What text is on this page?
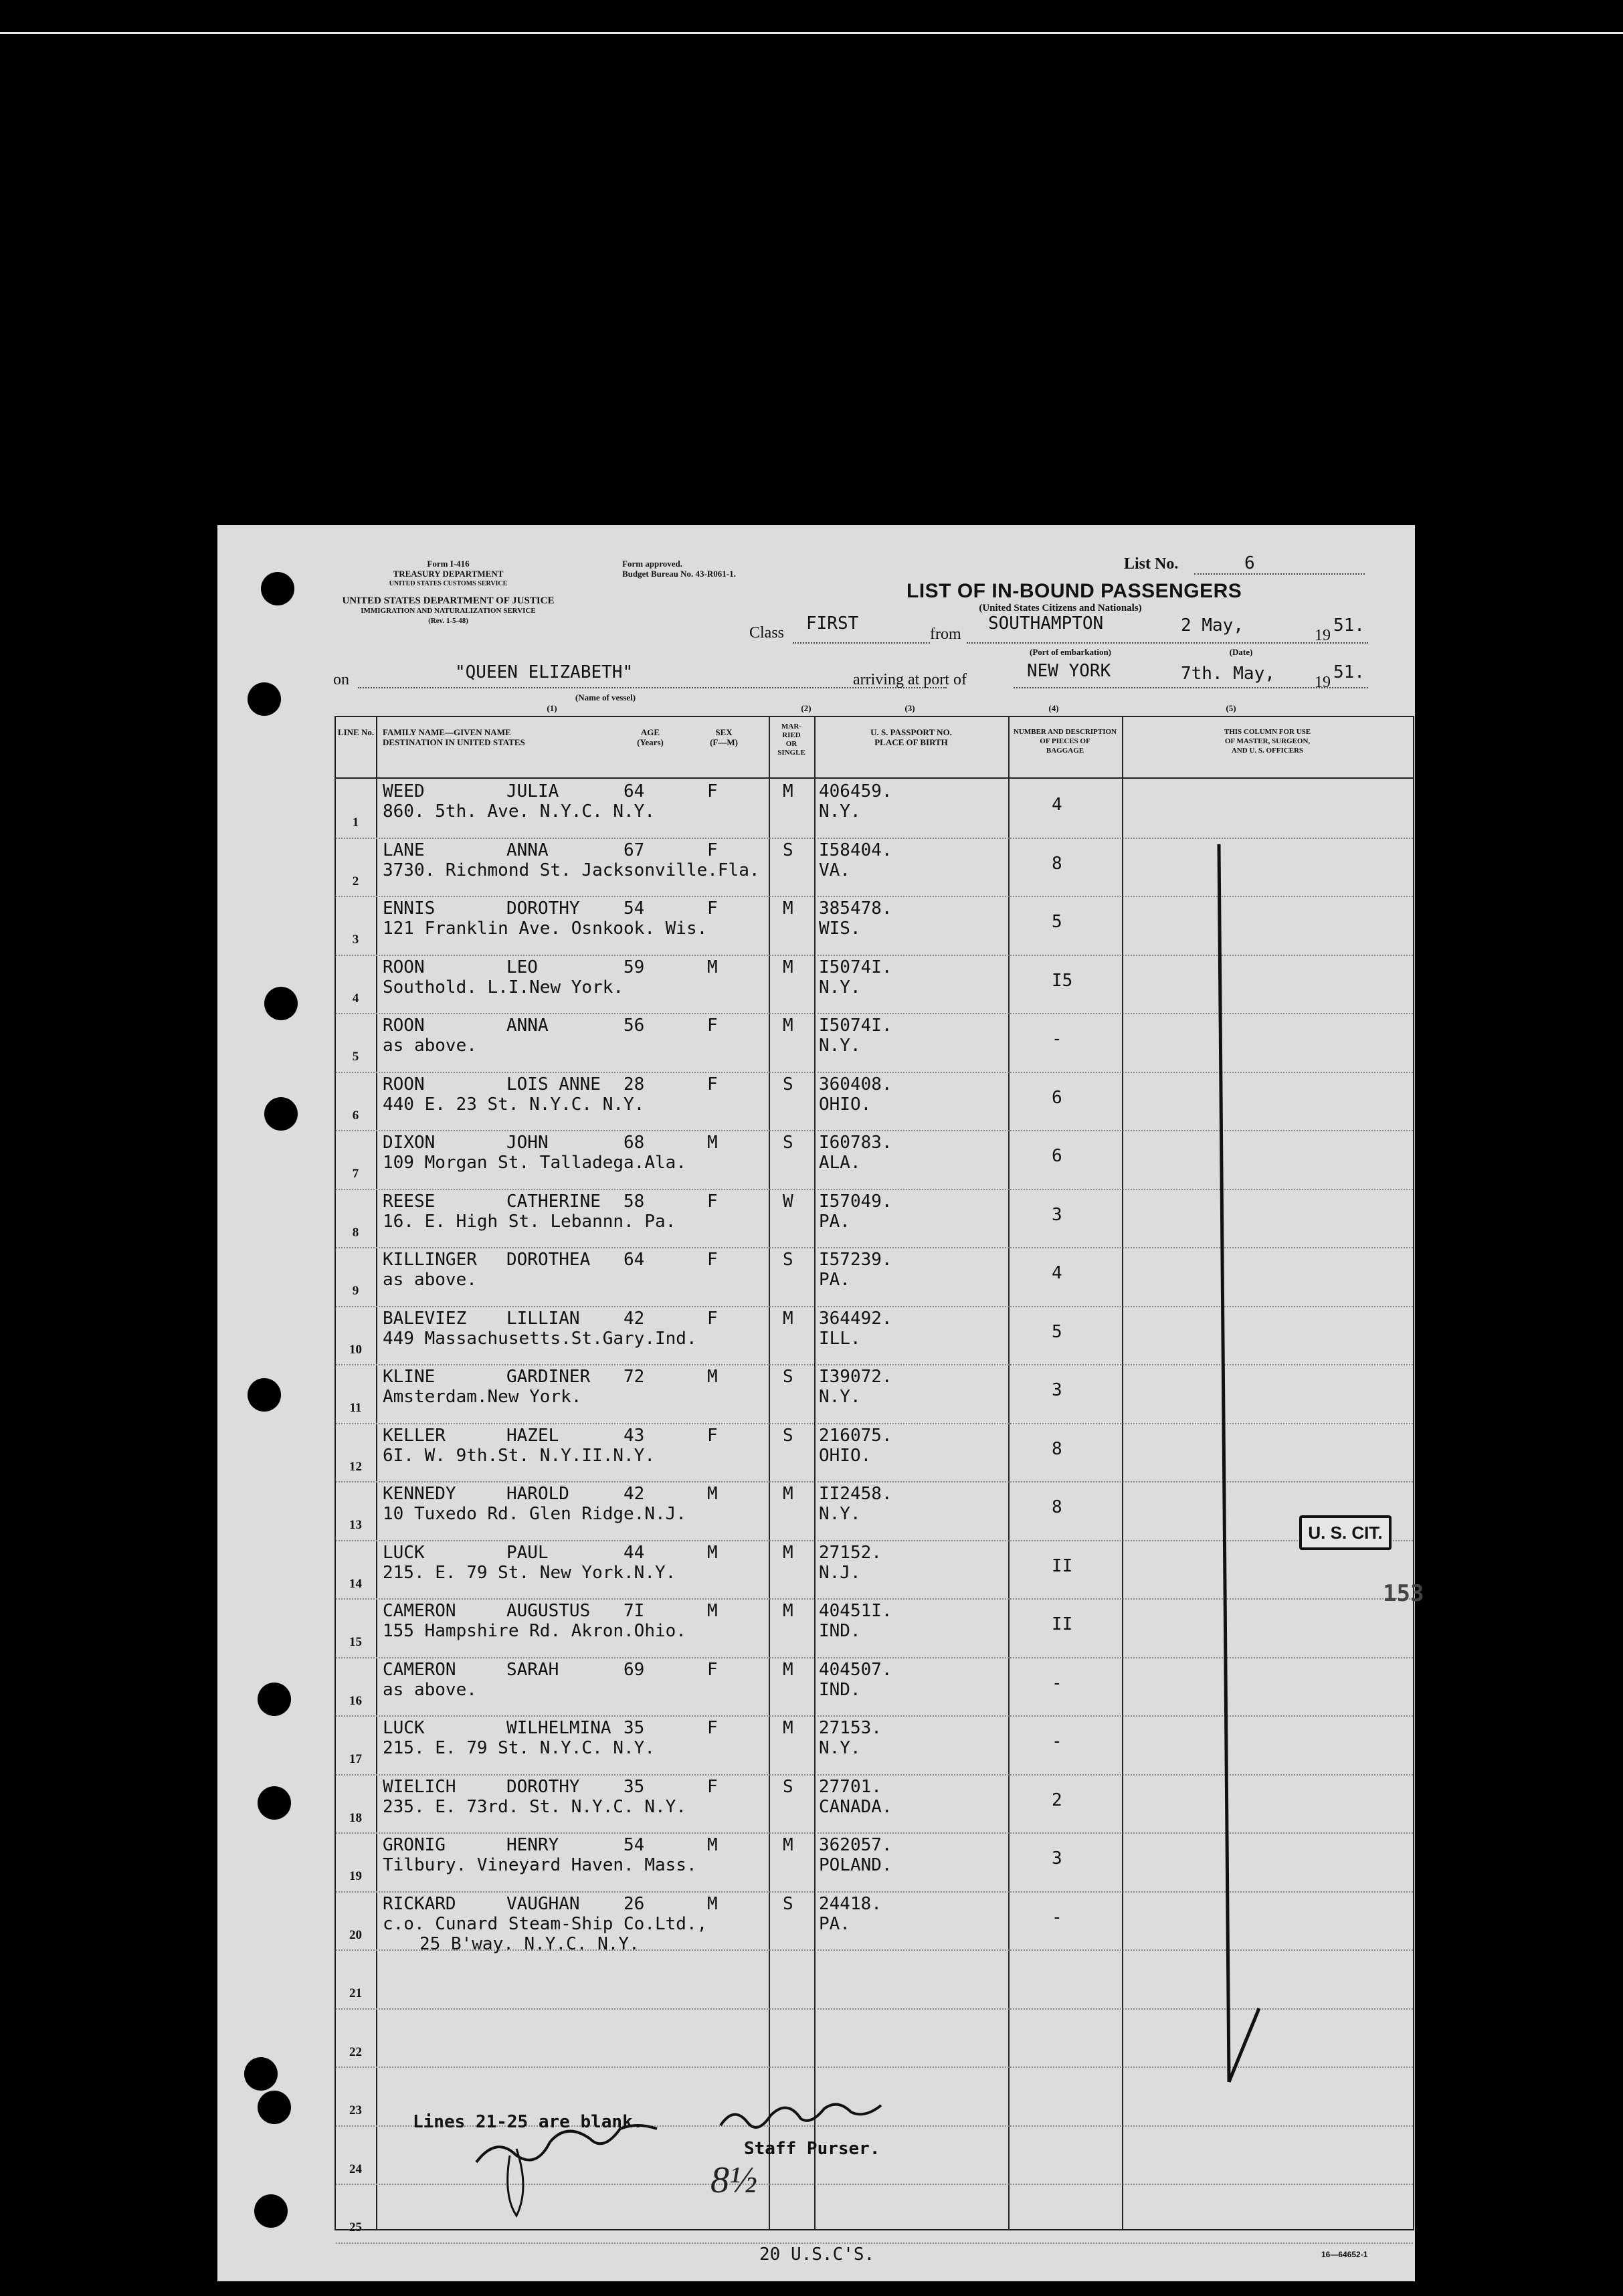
Form I-416
TREASURY DEPARTMENT
UNITED STATES CUSTOMS SERVICE
Form approved.
Budget Bureau No. 43-R061-1.
UNITED STATES DEPARTMENT OF JUSTICE
IMMIGRATION AND NATURALIZATION SERVICE
(Rev. 1-5-48)
List No.	6
LIST OF IN-BOUND PASSENGERS
(United States Citizens and Nationals)
Class FIRST
from
SOUTHAMPTON	2 May,	19 51.
(Port of embarkation)	(Date)
on	"QUEEN ELIZABETH"
(Name of vessel)
arriving at port of	NEW YORK	7th. May, 19 51.
(1)	(2)	(3)	(4)	(5)
LINE No. FAMILY NAME—GIVEN NAME
DESTINATION IN UNITED STATES
AGE
(Years)
SEX
(F—M)
MAR-
RIED
OR
SINGLE
U. S. PASSPORT NO.
PLACE OF BIRTH
NUMBER AND DESCRIPTION
OF PIECES OF
BAGGAGE
THIS COLUMN FOR USE
OF MASTER, SURGEON,
AND U. S. OFFICERS
1
WEED	JULIA	64	F	M
860. 5th. Ave. N.Y.C. N.Y.
406459.
N.Y.	4
2
LANE	ANNA	67	F	S
3730. Richmond St. Jacksonville.Fla.
I58404.
VA.	8
3
ENNIS	DOROTHY	54	F	M
121 Franklin Ave. Osnkook. Wis.
385478.
WIS.	5
4
ROON	LEO	59	M	M
Southold. L.I.New York.
I5074I.
N.Y.	I5
5
ROON	ANNA	56	F	M
as above.
I5074I.
N.Y.	-
6
ROON	LOIS ANNE 28	F	S
440 E. 23 St. N.Y.C. N.Y.
360408.
OHIO.	6
7
DIXON	JOHN	68	M	S
109 Morgan St. Talladega.Ala.
I60783.
ALA.	6
8
REESE	CATHERINE 58	F	W
16. E. High St. Lebannn. Pa.
I57049.
PA.	3
9
KILLINGER DOROTHEA 64	F	S
as above.
I57239.
PA.	4
10
BALEVIEZ LILLIAN	42	F	M
449 Massachusetts.St.Gary.Ind.
364492.
ILL.	5
11
KLINE	GARDINER 72	M	S
Amsterdam.New York.
I39072.
N.Y.	3
12
KELLER	HAZEL	43	F	S
6I. W. 9th.St. N.Y.II.N.Y.
216075.
OHIO.	8
13
KENNEDY	HAROLD	42	M	M
10 Tuxedo Rd. Glen Ridge.N.J.
II2458.
N.Y.	8
14
LUCK	PAUL	44	M	M
215. E. 79 St. New York.N.Y.
27152.
N.J.	II
15
CAMERON	AUGUSTUS 7I	M	M
155 Hampshire Rd. Akron.Ohio.
40451I.
IND.	II
16
CAMERON	SARAH	69	F	M
as above.
404507.
IND.	-
17
LUCK	WILHELMINA 35	F	M
215. E. 79 St. N.Y.C. N.Y.
27153.
N.Y.	-
18
WIELICH	DOROTHY	35	F	S
235. E. 73rd. St. N.Y.C. N.Y.
27701.
CANADA.	2
19
GRONIG	HENRY	54	M	M
Tilbury. Vineyard Haven. Mass.
362057.
POLAND.	3
20
RICKARD	VAUGHAN	26	M	S
c.o. Cunard Steam-Ship Co.Ltd.,
25 B'way. N.Y.C. N.Y.
24418.
PA.	-
21
22
23
24
25
U. S. CIT.
153
Lines 21-25 are blank.
Staff Purser.
8½
20 U.S.C'S.	16—64652-1
